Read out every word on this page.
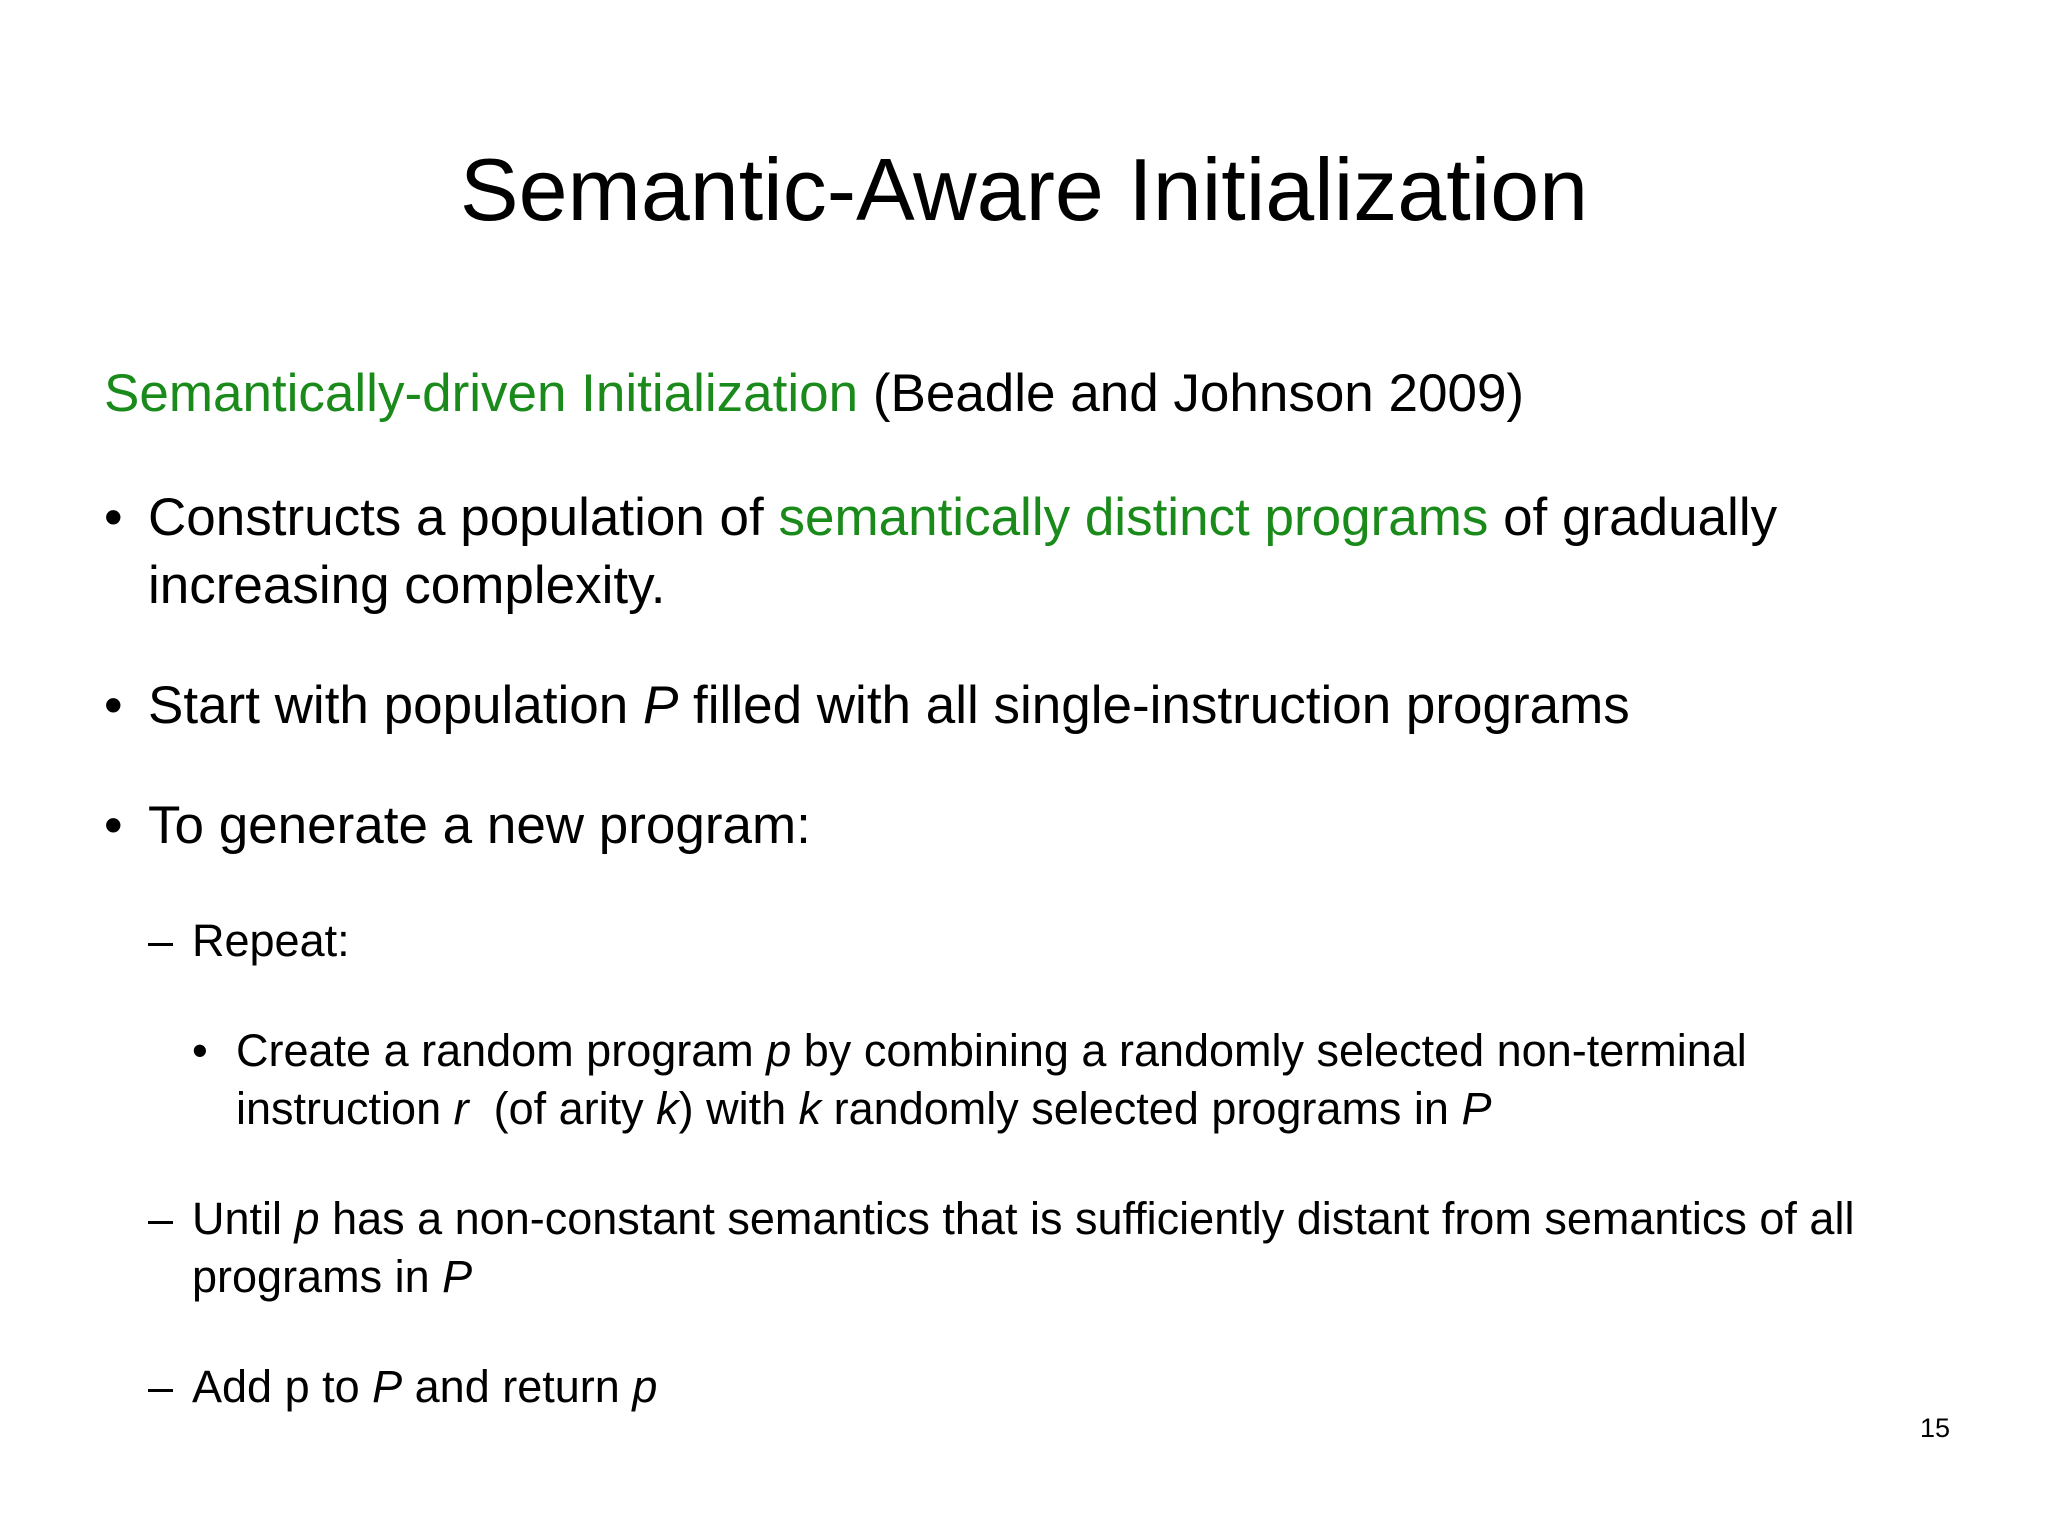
Semantic-Aware Initialization
Semantically-driven Initialization (Beadle and Johnson 2009)
• Constructs a population of semantically distinct programs of gradually increasing complexity.
• Start with population P filled with all single-instruction programs
• To generate a new program:
– Repeat:
• Create a random program p by combining a randomly selected non-terminal instruction r  (of arity k) with k randomly selected programs in P
– Until p has a non-constant semantics that is sufficiently distant from semantics of all programs in P
– Add p to P and return p
15
